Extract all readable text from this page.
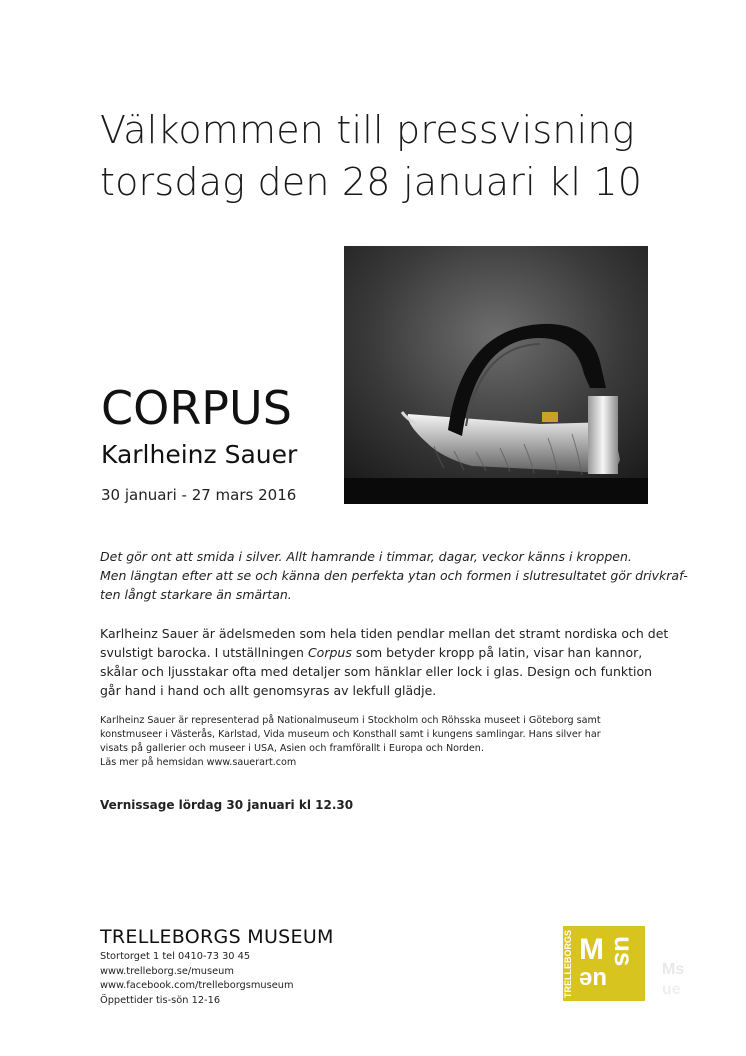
Välkommen till pressvisning
torsdag den 28 januari kl 10
CORPUS
Karlheinz Sauer
30 januari - 27 mars 2016
Det gör ont att smida i silver. Allt hamrande i timmar, dagar, veckor känns i kroppen.
Men längtan efter att se och känna den perfekta ytan och formen i slutresultatet gör drivkraf-
ten långt starkare än smärtan.
Karlheinz Sauer är ädelsmeden som hela tiden pendlar mellan det stramt nordiska och det
svulstigt barocka. I utställningen Corpus som betyder kropp på latin, visar han kannor,
skålar och ljusstakar ofta med detaljer som hänklar eller lock i glas. Design och funktion
går hand i hand och allt genomsyras av lekfull glädje.
Karlheinz Sauer är representerad på Nationalmuseum i Stockholm och Röhsska museet i Göteborg samt
konstmuseer i Västerås, Karlstad, Vida museum och Konsthall samt i kungens samlingar. Hans silver har
visats på gallerier och museer i USA, Asien och framförallt i Europa och Norden.
Läs mer på hemsidan www.sauerart.com
Vernissage lördag 30 januari kl 12.30
TRELLEBORGS MUSEUM
Stortorget 1 tel 0410-73 30 45
www.trelleborg.se/museum
www.facebook.com/trelleborgsmuseum
Öppettider tis-sön 12-16
TRELLEBORGS M us
ue	Ms
ue
